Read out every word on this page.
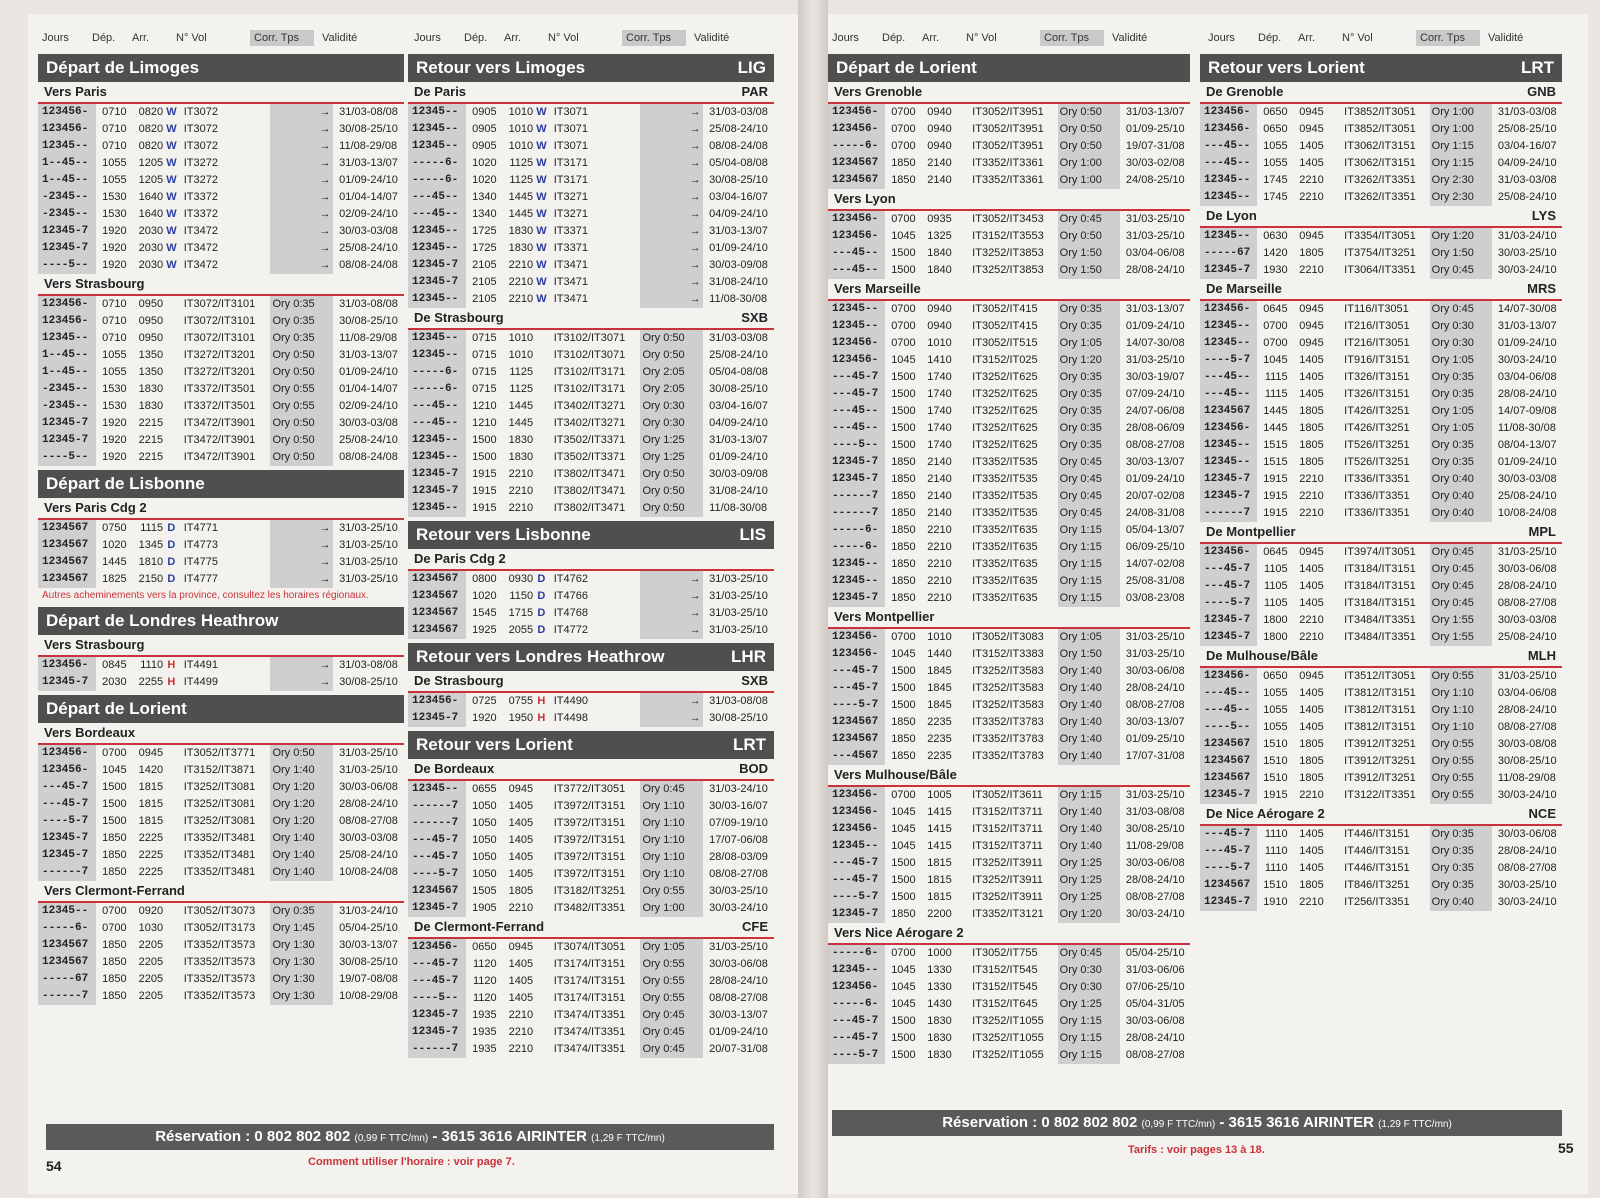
Jours	Dép.	Arr.	N° Vol	Corr. Tps	Validité	Jours	Dép.	Arr.	N° Vol	Corr. Tps	Validité
Départ de Limoges
Vers Paris
123456-	0710	0820 W IT3072	→ 31/03-08/08
123456-	0710	0820 W IT3072	→ 30/08-25/10
12345--	0710	0820 W IT3072	→ 11/08-29/08
1--45--	1055	1205 W IT3272	→ 31/03-13/07
1--45--	1055	1205 W IT3272	→ 01/09-24/10
-2345--	1530	1640 W IT3372	→ 01/04-14/07
-2345--	1530	1640 W IT3372	→ 02/09-24/10
12345-7	1920	2030 W IT3472	→ 30/03-03/08
12345-7	1920	2030 W IT3472	→ 25/08-24/10
----5--	1920	2030 W IT3472	→ 08/08-24/08
Vers Strasbourg
123456-	0710	0950	IT3072/IT3101	Ory 0:35	31/03-08/08
123456-	0710	0950	IT3072/IT3101	Ory 0:35	30/08-25/10
12345--	0710	0950	IT3072/IT3101	Ory 0:35	11/08-29/08
1--45--	1055	1350	IT3272/IT3201	Ory 0:50	31/03-13/07
1--45--	1055	1350	IT3272/IT3201	Ory 0:50	01/09-24/10
-2345--	1530	1830	IT3372/IT3501	Ory 0:55	01/04-14/07
-2345--	1530	1830	IT3372/IT3501	Ory 0:55	02/09-24/10
12345-7	1920	2215	IT3472/IT3901	Ory 0:50	30/03-03/08
12345-7	1920	2215	IT3472/IT3901	Ory 0:50	25/08-24/10
----5--	1920	2215	IT3472/IT3901	Ory 0:50	08/08-24/08
Départ de Lisbonne
Vers Paris Cdg 2
1234567	0750	1115 D IT4771	→ 31/03-25/10
1234567	1020	1345 D IT4773	→ 31/03-25/10
1234567	1445	1810 D IT4775	→ 31/03-25/10
1234567	1825	2150 D IT4777	→ 31/03-25/10
Autres acheminements vers la province, consultez les horaires régionaux.
Départ de Londres Heathrow
Vers Strasbourg
123456-	0845	1110 H IT4491	→ 31/03-08/08
12345-7	2030	2255 H IT4499	→ 30/08-25/10
Départ de Lorient
Vers Bordeaux
123456-	0700	0945	IT3052/IT3771	Ory 0:50	31/03-25/10
123456-	1045	1420	IT3152/IT3871	Ory 1:40	31/03-25/10
---45-7	1500	1815	IT3252/IT3081	Ory 1:20	30/03-06/08
---45-7	1500	1815	IT3252/IT3081	Ory 1:20	28/08-24/10
----5-7	1500	1815	IT3252/IT3081	Ory 1:20	08/08-27/08
12345-7	1850	2225	IT3352/IT3481	Ory 1:40	30/03-03/08
12345-7	1850	2225	IT3352/IT3481	Ory 1:40	25/08-24/10
------7	1850	2225	IT3352/IT3481	Ory 1:40	10/08-24/08
Vers Clermont-Ferrand
12345--	0700	0920	IT3052/IT3073	Ory 0:35	31/03-24/10
-----6-	0700	1030	IT3052/IT3173	Ory 1:45	05/04-25/10
1234567	1850	2205	IT3352/IT3573	Ory 1:30	30/03-13/07
1234567	1850	2205	IT3352/IT3573	Ory 1:30	30/08-25/10
-----67	1850	2205	IT3352/IT3573	Ory 1:30	19/07-08/08
------7	1850	2205	IT3352/IT3573	Ory 1:30	10/08-29/08
Retour vers Limoges	LIG
De Paris	PAR
12345--	0905	1010 W IT3071	→ 31/03-03/08
12345--	0905	1010 W IT3071	→ 25/08-24/10
12345--	0905	1010 W IT3071	→ 08/08-24/08
-----6-	1020	1125 W IT3171	→ 05/04-08/08
-----6-	1020	1125 W IT3171	→ 30/08-25/10
---45--	1340	1445 W IT3271	→ 03/04-16/07
---45--	1340	1445 W IT3271	→ 04/09-24/10
12345--	1725	1830 W IT3371	→ 31/03-13/07
12345--	1725	1830 W IT3371	→ 01/09-24/10
12345-7	2105	2210 W IT3471	→ 30/03-09/08
12345-7	2105	2210 W IT3471	→ 31/08-24/10
12345--	2105	2210 W IT3471	→ 11/08-30/08
De Strasbourg	SXB
12345--	0715	1010	IT3102/IT3071	Ory 0:50	31/03-03/08
12345--	0715	1010	IT3102/IT3071	Ory 0:50	25/08-24/10
-----6-	0715	1125	IT3102/IT3171	Ory 2:05	05/04-08/08
-----6-	0715	1125	IT3102/IT3171	Ory 2:05	30/08-25/10
---45--	1210	1445	IT3402/IT3271	Ory 0:30	03/04-16/07
---45--	1210	1445	IT3402/IT3271	Ory 0:30	04/09-24/10
12345--	1500	1830	IT3502/IT3371	Ory 1:25	31/03-13/07
12345--	1500	1830	IT3502/IT3371	Ory 1:25	01/09-24/10
12345-7	1915	2210	IT3802/IT3471	Ory 0:50	30/03-09/08
12345-7	1915	2210	IT3802/IT3471	Ory 0:50	31/08-24/10
12345--	1915	2210	IT3802/IT3471	Ory 0:50	11/08-30/08
Retour vers Lisbonne	LIS
De Paris Cdg 2
1234567	0800	0930 D IT4762	→ 31/03-25/10
1234567	1020	1150 D IT4766	→ 31/03-25/10
1234567	1545	1715 D IT4768	→ 31/03-25/10
1234567	1925	2055 D IT4772	→ 31/03-25/10
Retour vers Londres Heathrow	LHR
De Strasbourg	SXB
123456-	0725	0755 H IT4490	→ 31/03-08/08
12345-7	1920	1950 H IT4498	→ 30/08-25/10
Retour vers Lorient	LRT
De Bordeaux	BOD
12345--	0655	0945	IT3772/IT3051	Ory 0:45	31/03-24/10
------7	1050	1405	IT3972/IT3151	Ory 1:10	30/03-16/07
------7	1050	1405	IT3972/IT3151	Ory 1:10	07/09-19/10
---45-7	1050	1405	IT3972/IT3151	Ory 1:10	17/07-06/08
---45-7	1050	1405	IT3972/IT3151	Ory 1:10	28/08-03/09
----5-7	1050	1405	IT3972/IT3151	Ory 1:10	08/08-27/08
1234567	1505	1805	IT3182/IT3251	Ory 0:55	30/03-25/10
12345-7	1905	2210	IT3482/IT3351	Ory 1:00	30/03-24/10
De Clermont-Ferrand	CFE
123456-	0650	0945	IT3074/IT3051	Ory 1:05	31/03-25/10
---45-7	1120	1405	IT3174/IT3151	Ory 0:55	30/03-06/08
---45-7	1120	1405	IT3174/IT3151	Ory 0:55	28/08-24/10
----5--	1120	1405	IT3174/IT3151	Ory 0:55	08/08-27/08
12345-7	1935	2210	IT3474/IT3351	Ory 0:45	30/03-13/07
12345-7	1935	2210	IT3474/IT3351	Ory 0:45	01/09-24/10
------7	1935	2210	IT3474/IT3351	Ory 0:45	20/07-31/08
Réservation : 0 802 802 802 (0,99 F TTC/mn) - 3615 3616 AIRINTER (1,29 F TTC/mn)
54	Comment utiliser l'horaire : voir page 7.
Jours	Dép.	Arr.	N° Vol	Corr. Tps	Validité	Jours	Dép.	Arr.	N° Vol	Corr. Tps	Validité
Départ de Lorient
Vers Grenoble
123456-	0700	0940	IT3052/IT3951	Ory 0:50	31/03-13/07
123456-	0700	0940	IT3052/IT3951	Ory 0:50	01/09-25/10
-----6-	0700	0940	IT3052/IT3951	Ory 0:50	19/07-31/08
1234567	1850	2140	IT3352/IT3361	Ory 1:00	30/03-02/08
1234567	1850	2140	IT3352/IT3361	Ory 1:00	24/08-25/10
Vers Lyon
123456-	0700	0935	IT3052/IT3453	Ory 0:45	31/03-25/10
123456-	1045	1325	IT3152/IT3553	Ory 0:50	31/03-25/10
---45--	1500	1840	IT3252/IT3853	Ory 1:50	03/04-06/08
---45--	1500	1840	IT3252/IT3853	Ory 1:50	28/08-24/10
Vers Marseille
12345--	0700	0940	IT3052/IT415	Ory 0:35	31/03-13/07
12345--	0700	0940	IT3052/IT415	Ory 0:35	01/09-24/10
123456-	0700	1010	IT3052/IT515	Ory 1:05	14/07-30/08
123456-	1045	1410	IT3152/IT025	Ory 1:20	31/03-25/10
---45-7	1500	1740	IT3252/IT625	Ory 0:35	30/03-19/07
---45-7	1500	1740	IT3252/IT625	Ory 0:35	07/09-24/10
---45--	1500	1740	IT3252/IT625	Ory 0:35	24/07-06/08
---45--	1500	1740	IT3252/IT625	Ory 0:35	28/08-06/09
----5--	1500	1740	IT3252/IT625	Ory 0:35	08/08-27/08
12345-7	1850	2140	IT3352/IT535	Ory 0:45	30/03-13/07
12345-7	1850	2140	IT3352/IT535	Ory 0:45	01/09-24/10
------7	1850	2140	IT3352/IT535	Ory 0:45	20/07-02/08
------7	1850	2140	IT3352/IT535	Ory 0:45	24/08-31/08
-----6-	1850	2210	IT3352/IT635	Ory 1:15	05/04-13/07
-----6-	1850	2210	IT3352/IT635	Ory 1:15	06/09-25/10
12345--	1850	2210	IT3352/IT635	Ory 1:15	14/07-02/08
12345--	1850	2210	IT3352/IT635	Ory 1:15	25/08-31/08
12345-7	1850	2210	IT3352/IT635	Ory 1:15	03/08-23/08
Vers Montpellier
123456-	0700	1010	IT3052/IT3083	Ory 1:05	31/03-25/10
123456-	1045	1440	IT3152/IT3383	Ory 1:50	31/03-25/10
---45-7	1500	1845	IT3252/IT3583	Ory 1:40	30/03-06/08
---45-7	1500	1845	IT3252/IT3583	Ory 1:40	28/08-24/10
----5-7	1500	1845	IT3252/IT3583	Ory 1:40	08/08-27/08
1234567	1850	2235	IT3352/IT3783	Ory 1:40	30/03-13/07
1234567	1850	2235	IT3352/IT3783	Ory 1:40	01/09-25/10
---4567	1850	2235	IT3352/IT3783	Ory 1:40	17/07-31/08
Vers Mulhouse/Bâle
123456-	0700	1005	IT3052/IT3611	Ory 1:15	31/03-25/10
123456-	1045	1415	IT3152/IT3711	Ory 1:40	31/03-08/08
123456-	1045	1415	IT3152/IT3711	Ory 1:40	30/08-25/10
12345--	1045	1415	IT3152/IT3711	Ory 1:40	11/08-29/08
---45-7	1500	1815	IT3252/IT3911	Ory 1:25	30/03-06/08
---45-7	1500	1815	IT3252/IT3911	Ory 1:25	28/08-24/10
----5-7	1500	1815	IT3252/IT3911	Ory 1:25	08/08-27/08
12345-7	1850	2200	IT3352/IT3121	Ory 1:20	30/03-24/10
Vers Nice Aérogare 2
-----6-	0700	1000	IT3052/IT755	Ory 0:45	05/04-25/10
12345--	1045	1330	IT3152/IT545	Ory 0:30	31/03-06/06
123456-	1045	1330	IT3152/IT545	Ory 0:30	07/06-25/10
-----6-	1045	1430	IT3152/IT645	Ory 1:25	05/04-31/05
---45-7	1500	1830	IT3252/IT1055	Ory 1:15	30/03-06/08
---45-7	1500	1830	IT3252/IT1055	Ory 1:15	28/08-24/10
----5-7	1500	1830	IT3252/IT1055	Ory 1:15	08/08-27/08
Retour vers Lorient	LRT
De Grenoble	GNB
123456-	0650	0945	IT3852/IT3051	Ory 1:00	31/03-03/08
123456-	0650	0945	IT3852/IT3051	Ory 1:00	25/08-25/10
---45--	1055	1405	IT3062/IT3151	Ory 1:15	03/04-16/07
---45--	1055	1405	IT3062/IT3151	Ory 1:15	04/09-24/10
12345--	1745	2210	IT3262/IT3351	Ory 2:30	31/03-03/08
12345--	1745	2210	IT3262/IT3351	Ory 2:30	25/08-24/10
De Lyon	LYS
12345--	0630	0945	IT3354/IT3051	Ory 1:20	31/03-24/10
-----67	1420	1805	IT3754/IT3251	Ory 1:50	30/03-25/10
12345-7	1930	2210	IT3064/IT3351	Ory 0:45	30/03-24/10
De Marseille	MRS
123456-	0645	0945	IT116/IT3051	Ory 0:45	14/07-30/08
12345--	0700	0945	IT216/IT3051	Ory 0:30	31/03-13/07
12345--	0700	0945	IT216/IT3051	Ory 0:30	01/09-24/10
----5-7	1045	1405	IT916/IT3151	Ory 1:05	30/03-24/10
---45--	1115	1405	IT326/IT3151	Ory 0:35	03/04-06/08
---45--	1115	1405	IT326/IT3151	Ory 0:35	28/08-24/10
1234567	1445	1805	IT426/IT3251	Ory 1:05	14/07-09/08
123456-	1445	1805	IT426/IT3251	Ory 1:05	11/08-30/08
12345--	1515	1805	IT526/IT3251	Ory 0:35	08/04-13/07
12345--	1515	1805	IT526/IT3251	Ory 0:35	01/09-24/10
12345-7	1915	2210	IT336/IT3351	Ory 0:40	30/03-03/08
12345-7	1915	2210	IT336/IT3351	Ory 0:40	25/08-24/10
------7	1915	2210	IT336/IT3351	Ory 0:40	10/08-24/08
De Montpellier	MPL
123456-	0645	0945	IT3974/IT3051	Ory 0:45	31/03-25/10
---45-7	1105	1405	IT3184/IT3151	Ory 0:45	30/03-06/08
---45-7	1105	1405	IT3184/IT3151	Ory 0:45	28/08-24/10
----5-7	1105	1405	IT3184/IT3151	Ory 0:45	08/08-27/08
12345-7	1800	2210	IT3484/IT3351	Ory 1:55	30/03-03/08
12345-7	1800	2210	IT3484/IT3351	Ory 1:55	25/08-24/10
De Mulhouse/Bâle	MLH
123456-	0650	0945	IT3512/IT3051	Ory 0:55	31/03-25/10
---45--	1055	1405	IT3812/IT3151	Ory 1:10	03/04-06/08
---45--	1055	1405	IT3812/IT3151	Ory 1:10	28/08-24/10
----5--	1055	1405	IT3812/IT3151	Ory 1:10	08/08-27/08
1234567	1510	1805	IT3912/IT3251	Ory 0:55	30/03-08/08
1234567	1510	1805	IT3912/IT3251	Ory 0:55	30/08-25/10
1234567	1510	1805	IT3912/IT3251	Ory 0:55	11/08-29/08
12345-7	1915	2210	IT3122/IT3351	Ory 0:55	30/03-24/10
De Nice Aérogare 2	NCE
---45-7	1110	1405	IT446/IT3151	Ory 0:35	30/03-06/08
---45-7	1110	1405	IT446/IT3151	Ory 0:35	28/08-24/10
----5-7	1110	1405	IT446/IT3151	Ory 0:35	08/08-27/08
1234567	1510	1805	IT846/IT3251	Ory 0:35	30/03-25/10
12345-7	1910	2210	IT256/IT3351	Ory 0:40	30/03-24/10
Réservation : 0 802 802 802 (0,99 F TTC/mn) - 3615 3616 AIRINTER (1,29 F TTC/mn)
55
Tarifs : voir pages 13 à 18.
